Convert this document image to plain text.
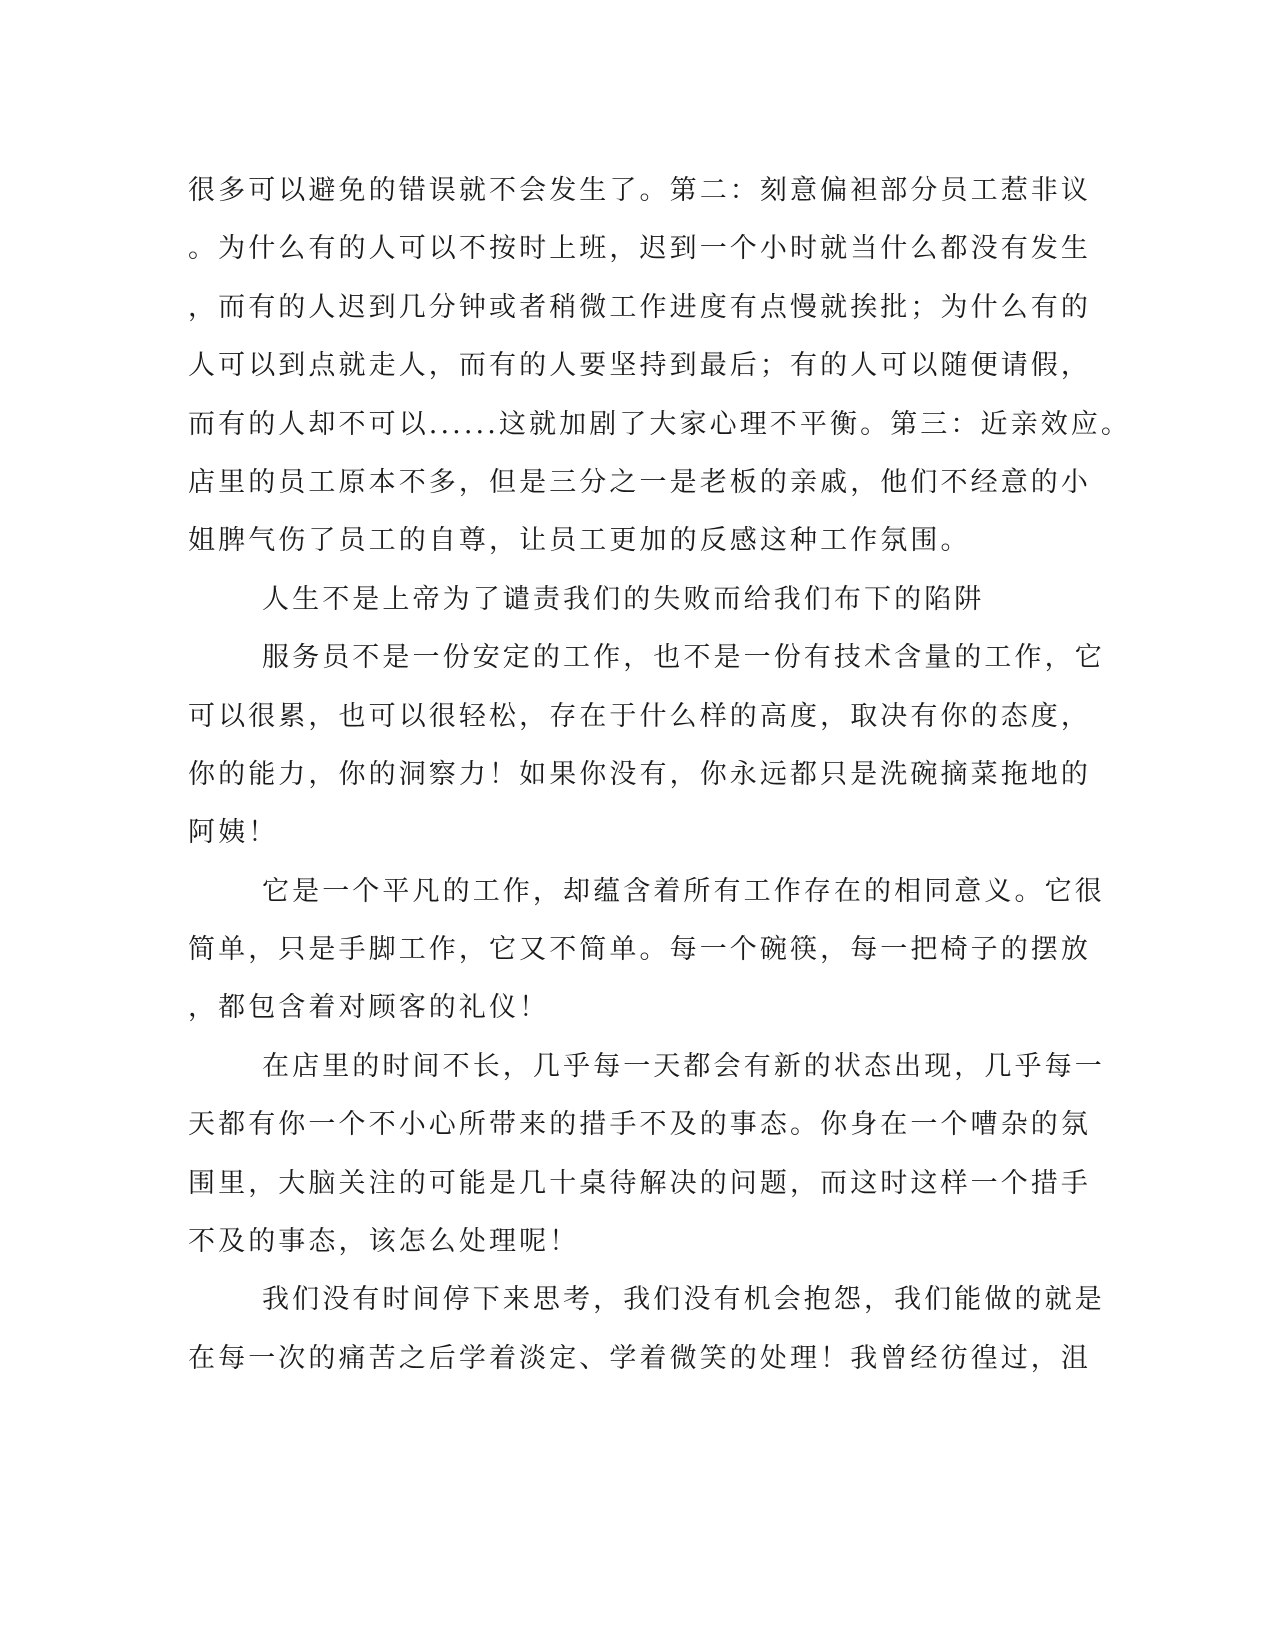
很多可以避免的错误就不会发生了。第二：刻意偏袒部分员工惹非议
。为什么有的人可以不按时上班，迟到一个小时就当什么都没有发生
，而有的人迟到几分钟或者稍微工作进度有点慢就挨批；为什么有的
人可以到点就走人，而有的人要坚持到最后；有的人可以随便请假，
而有的人却不可以......这就加剧了大家心理不平衡。第三：近亲效应。
店里的员工原本不多，但是三分之一是老板的亲戚，他们不经意的小
姐脾气伤了员工的自尊，让员工更加的反感这种工作氛围。
人生不是上帝为了谴责我们的失败而给我们布下的陷阱
服务员不是一份安定的工作，也不是一份有技术含量的工作，它
可以很累，也可以很轻松，存在于什么样的高度，取决有你的态度，
你的能力，你的洞察力！如果你没有，你永远都只是洗碗摘菜拖地的
阿姨！
它是一个平凡的工作，却蕴含着所有工作存在的相同意义。它很
简单，只是手脚工作，它又不简单。每一个碗筷，每一把椅子的摆放
，都包含着对顾客的礼仪！
在店里的时间不长，几乎每一天都会有新的状态出现，几乎每一
天都有你一个不小心所带来的措手不及的事态。你身在一个嘈杂的氛
围里，大脑关注的可能是几十桌待解决的问题，而这时这样一个措手
不及的事态，该怎么处理呢！
我们没有时间停下来思考，我们没有机会抱怨，我们能做的就是
在每一次的痛苦之后学着淡定、学着微笑的处理！我曾经彷徨过，沮
